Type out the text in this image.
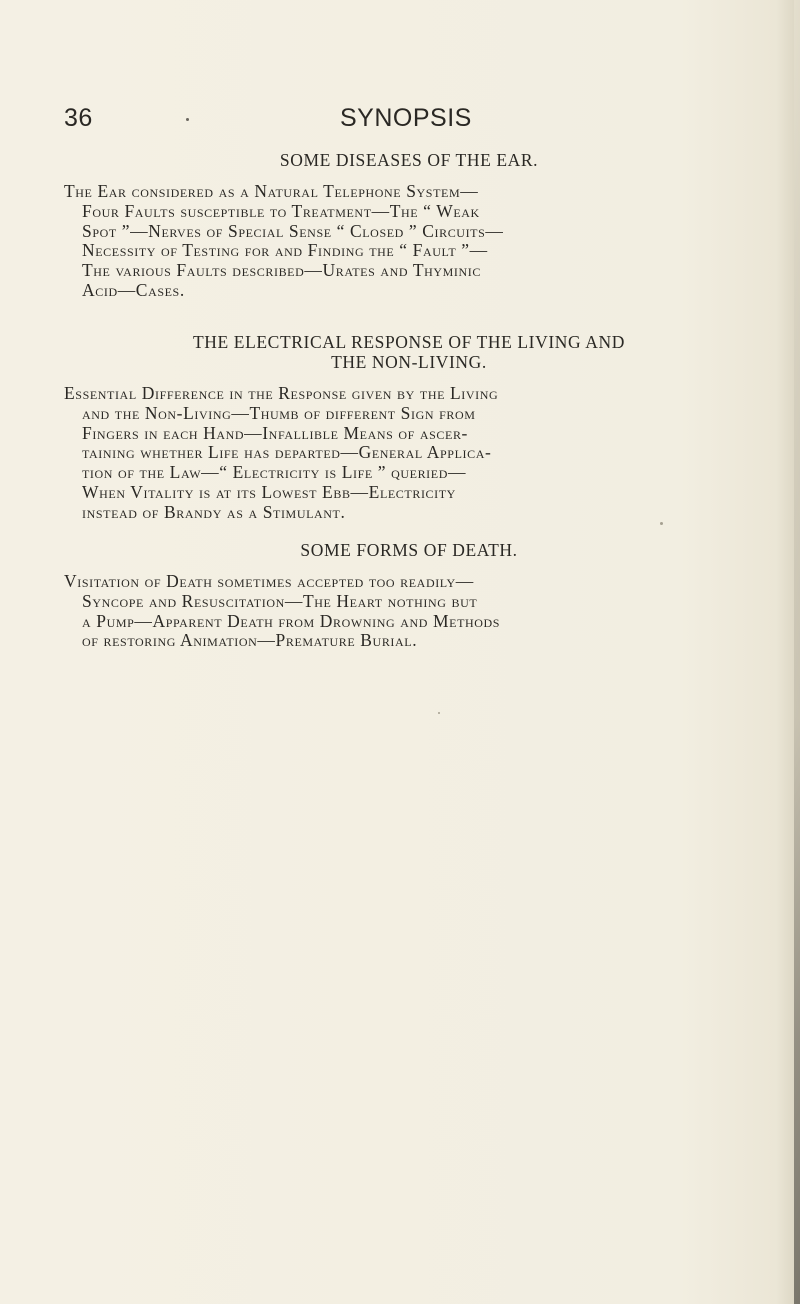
36	SYNOPSIS
SOME DISEASES OF THE EAR.

The Ear considered as a Natural Telephone System—
Four Faults susceptible to Treatment—The “ Weak
Spot ”—Nerves of Special Sense “ Closed ” Circuits—
Necessity of Testing for and Finding the “ Fault ”—
The various Faults described—Urates and Thyminic
Acid—Cases.

THE ELECTRICAL RESPONSE OF THE LIVING AND
THE NON-LIVING.

Essential Difference in the Response given by the Living
and the Non-Living—Thumb of different Sign from
Fingers in each Hand—Infallible Means of ascer-
taining whether Life has departed—General Applica-
tion of the Law—“ Electricity is Life ” queried—
When Vitality is at its Lowest Ebb—Electricity
instead of Brandy as a Stimulant.

SOME FORMS OF DEATH.

Visitation of Death sometimes accepted too readily—
Syncope and Resuscitation—The Heart nothing but
a Pump—Apparent Death from Drowning and Methods
of restoring Animation—Premature Burial.
